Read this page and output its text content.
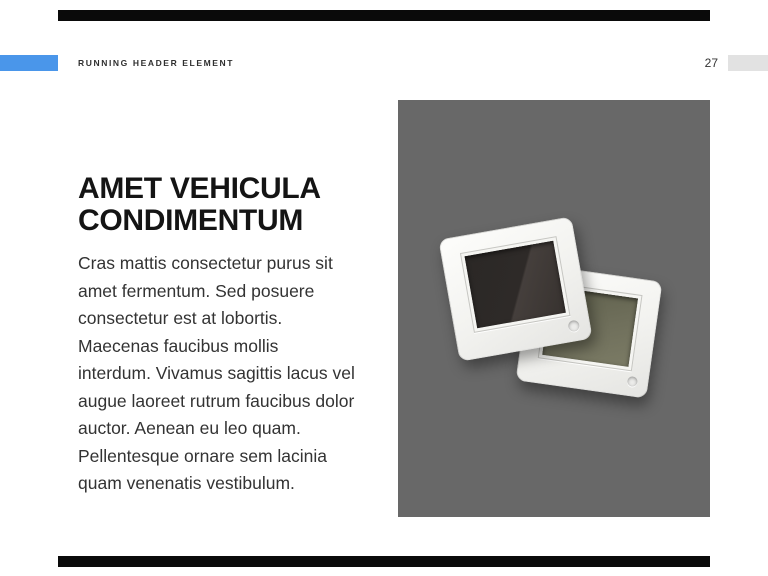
RUNNING HEADER ELEMENT	27
AMET VEHICULA
CONDIMENTUM

Cras mattis consectetur purus sit amet fermentum. Sed posuere consectetur est at lobortis. Maecenas faucibus mollis interdum. Vivamus sagittis lacus vel augue laoreet rutrum faucibus dolor auctor. Aenean eu leo quam. Pellentesque ornare sem lacinia quam venenatis vestibulum.
